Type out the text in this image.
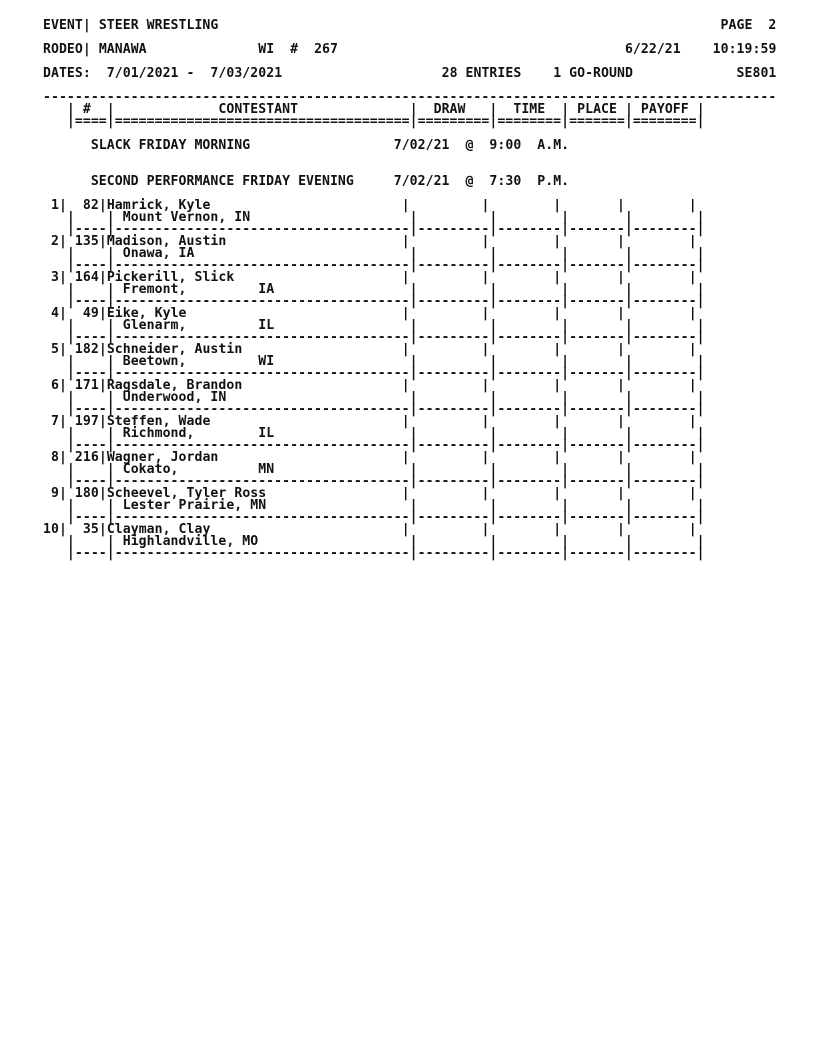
EVENT| STEER WRESTLING	PAGE 2
RODEO| MANAWA              WI # 267	6/22/21    10:19:59
DATES: 7/01/2021 -  7/03/2021	28 ENTRIES 1 GO-ROUND	SE801
--------------------------------------------------------------------------------------------
| #  |             CONTESTANT              |  DRAW   |  TIME  | PLACE | PAYOFF |
|====|=====================================|=========|========|=======|========|
SLACK FRIDAY MORNING                  7/02/21 @ 9:00 A.M.
SECOND PERFORMANCE FRIDAY EVENING     7/02/21 @ 7:30 P.M.
1|  82|Hamrick, Kyle                        |         |        |       |        |
|    | Mount Vernon, IN                    |         |        |       |        |
|----|-------------------------------------|---------|--------|-------|--------|
2| 135|Madison, Austin                      |         |        |       |        |
|    | Onawa, IA                           |         |        |       |        |
|----|-------------------------------------|---------|--------|-------|--------|
3| 164|Pickerill, Slick                     |         |        |       |        |
|    | Fremont,         IA                 |         |        |       |        |
|----|-------------------------------------|---------|--------|-------|--------|
4|  49|Eike, Kyle                           |         |        |       |        |
|    | Glenarm,         IL                 |         |        |       |        |
|----|-------------------------------------|---------|--------|-------|--------|
5| 182|Schneider, Austin                    |         |        |       |        |
|    | Beetown,         WI                 |         |        |       |        |
|----|-------------------------------------|---------|--------|-------|--------|
6| 171|Ragsdale, Brandon                    |         |        |       |        |
|    | Underwood, IN                       |         |        |       |        |
|----|-------------------------------------|---------|--------|-------|--------|
7| 197|Steffen, Wade                        |         |        |       |        |
|    | Richmond,        IL                 |         |        |       |        |
|----|-------------------------------------|---------|--------|-------|--------|
8| 216|Wagner, Jordan                       |         |        |       |        |
|    | Cokato,          MN                 |         |        |       |        |
|----|-------------------------------------|---------|--------|-------|--------|
9| 180|Scheevel, Tyler Ross                 |         |        |       |        |
|    | Lester Prairie, MN                  |         |        |       |        |
|----|-------------------------------------|---------|--------|-------|--------|
10|  35|Clayman, Clay                        |         |        |       |        |
|    | Highlandville, MO                   |         |        |       |        |
|----|-------------------------------------|---------|--------|-------|--------|
